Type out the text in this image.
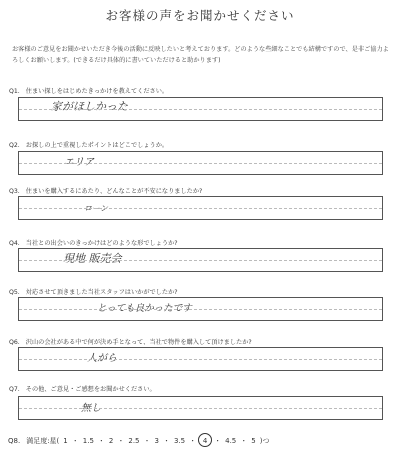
お客様の声をお聞かせください
お客様のご意見をお聞かせいただき今後の活動に反映したいと考えております。どのような些細なことでも結構ですので、是非ご協力よろしくお願いします。(できるだけ具体的に書いていただけると助かります)
Q1. 住まい探しをはじめたきっかけを教えてください。
家がほしかった
Q2. お探しの上で重視したポイントはどこでしょうか。
エリア
Q3. 住まいを購入するにあたり、どんなことが不安になりましたか?
ローン
Q4. 当社との出会いのきっかけはどのような形でしょうか?
現地 販売会
Q5. 対応させて頂きました当社スタッフはいかがでしたか?
とっても良かったです
Q6. 沢山の会社がある中で何が決め手となって、当社で物件を購入して頂けましたか?
人がら
Q7. その他、ご意見・ご感想をお聞かせください。
無し
Q8. 満足度:星( 1 ・ 1.5 ・ 2 ・ 2.5 ・ 3 ・ 3.5 ・ 4 ・ 4.5 ・ 5 )つ
